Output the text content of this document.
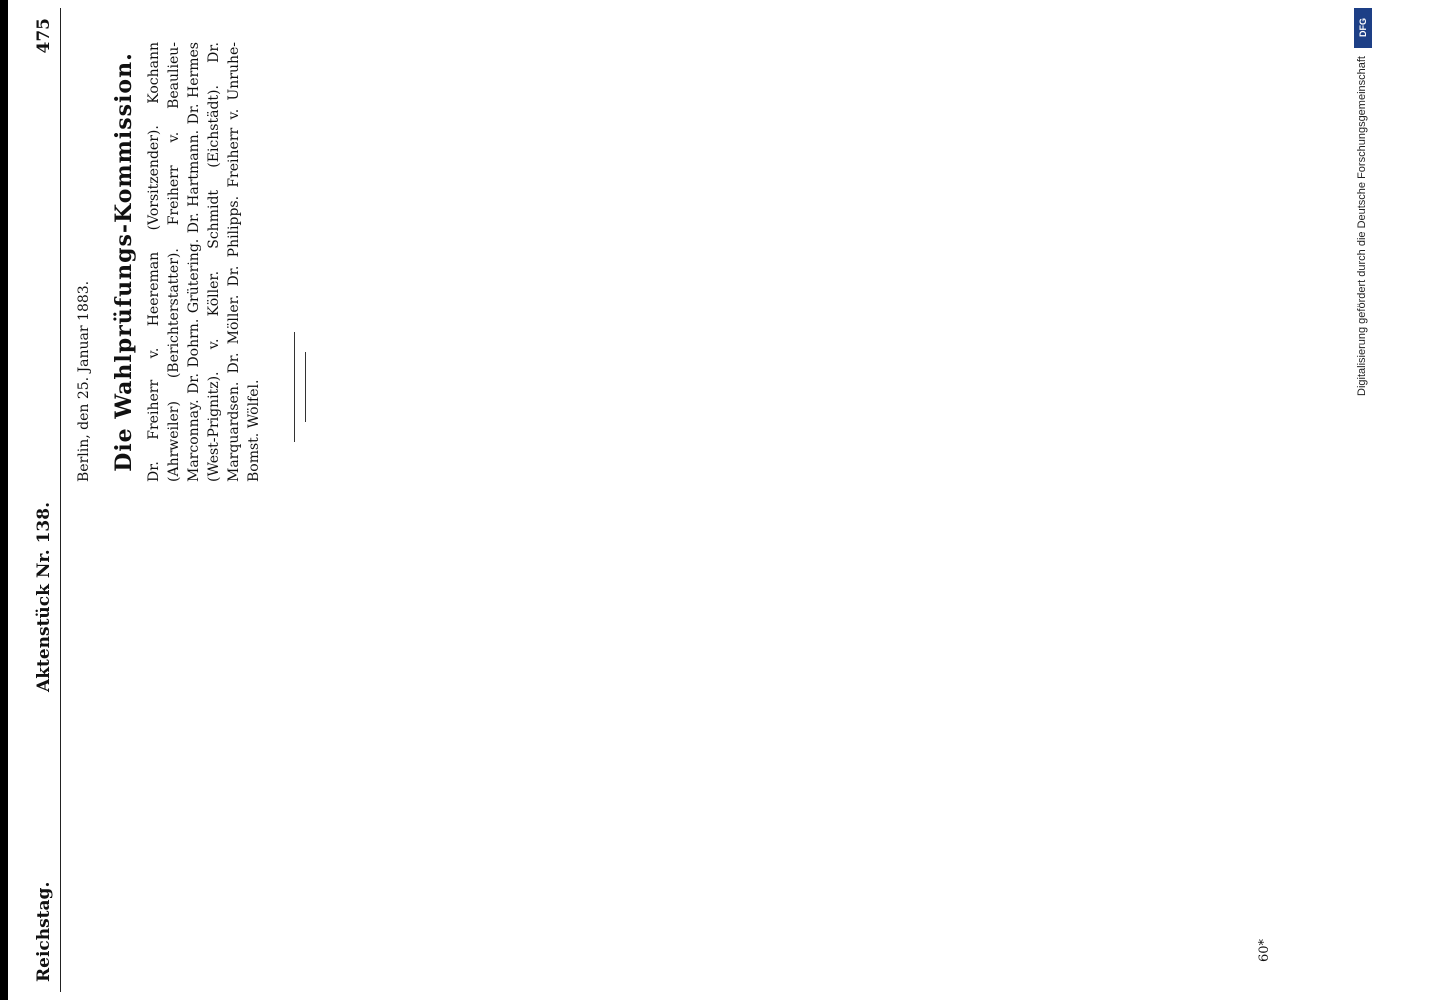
Reichstag.
Aktenstück Nr. 138.
475

Berlin, den 25. Januar 1883. Die Wahlprüfungs-Kommission. Dr. Freiherr v. Heereman (Vorsitzender). Kochann (Ahrweiler) (Berichterstatter). Freiherr v. Beaulieu-Marconnay. Dr. Dohrn. Grütering. Dr. Hartmann. Dr. Hermes (West-Prignitz). v. Köller. Schmidt (Eichstädt). Dr. Marquardsen. Dr. Möller. Dr. Philipps. Freiherr v. Unruhe-Bomst. Wölfel.
60*
DFG
Digitalisierung gefördert durch die Deutsche Forschungsgemeinschaft
